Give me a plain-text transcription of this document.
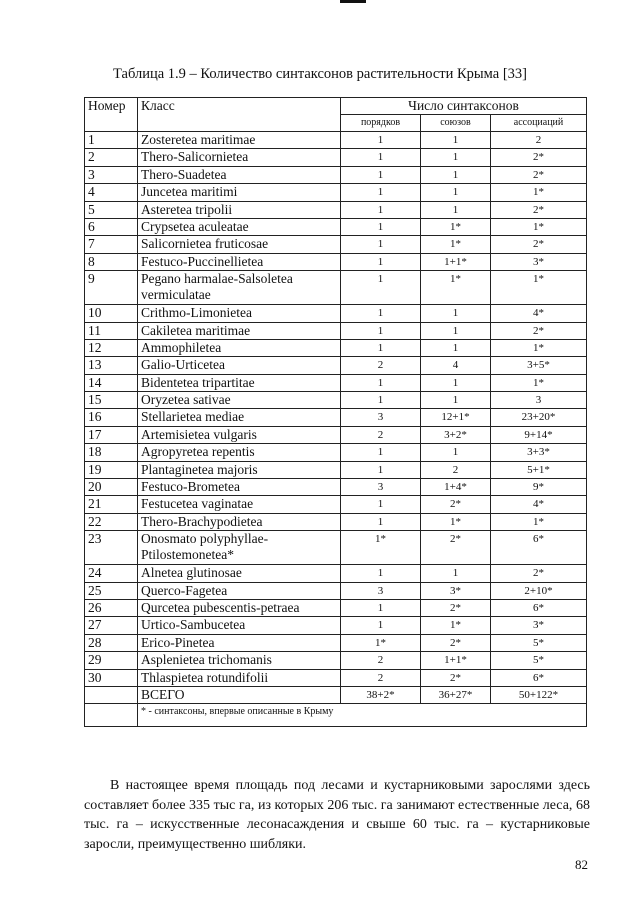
Таблица 1.9 – Количество синтаксонов растительности Крыма [33]
Номер	Класс	Число синтаксонов		
		порядков	союзов	ассоциаций
1	Zosteretea maritimae	1	1	2
2	Thero-Salicornietea	1	1	2*
3	Thero-Suadetea	1	1	2*
4	Juncetea maritimi	1	1	1*
5	Asteretea tripolii	1	1	2*
6	Crypsetea aculeatae	1	1*	1*
7	Salicornietea fruticosae	1	1*	2*
8	Festuco-Puccinellietea	1	1+1*	3*
9	Pegano harmalae-Salsoletea vermiculatae	1	1*	1*
10	Crithmo-Limonietea	1	1	4*
11	Cakiletea maritimae	1	1	2*
12	Ammophiletea	1	1	1*
13	Galio-Urticetea	2	4	3+5*
14	Bidentetea tripartitae	1	1	1*
15	Oryzetea sativae	1	1	3
16	Stellarietea mediae	3	12+1*	23+20*
17	Artemisietea vulgaris	2	3+2*	9+14*
18	Agropyretea repentis	1	1	3+3*
19	Plantaginetea majoris	1	2	5+1*
20	Festuco-Brometea	3	1+4*	9*
21	Festucetea vaginatae	1	2*	4*
22	Thero-Brachypodietea	1	1*	1*
23	Onosmato polyphyllae-Ptilostemonetea*	1*	2*	6*
24	Alnetea glutinosae	1	1	2*
25	Querco-Fagetea	3	3*	2+10*
26	Qurcetea pubescentis-petraea	1	2*	6*
27	Urtico-Sambucetea	1	1*	3*
28	Erico-Pinetea	1*	2*	5*
29	Asplenietea trichomanis	2	1+1*	5*
30	Thlaspietea rotundifolii	2	2*	6*
	ВСЕГО	38+2*	36+27*	50+122*
	* - синтаксоны, впервые описанные в Крыму			

В настоящее время площадь под лесами и кустарниковыми зарослями здесь составляет более 335 тыс га, из которых 206 тыс. га занимают естественные леса, 68 тыс. га – искусственные лесонасаждения и свыше 60 тыс. га – кустарниковые заросли, преимущественно шибляки.

82
